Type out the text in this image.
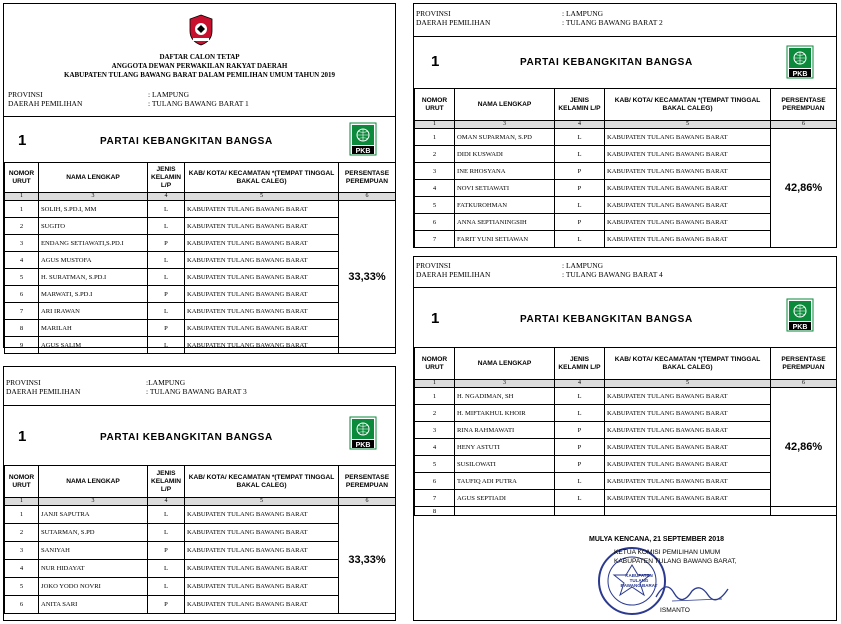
DAFTAR CALON TETAP
ANGGOTA DEWAN PERWAKILAN RAKYAT DAERAH
KABUPATEN TULANG BAWANG BARAT DALAM PEMILIHAN UMUM TAHUN 2019
PROVINSI	: LAMPUNG
DAERAH PEMILIHAN	: TULANG BAWANG BARAT 1
1	PARTAI KEBANGKITAN BANGSA
PKB
NOMOR URUT	NAMA LENGKAP	JENIS KELAMIN L/P	KAB/ KOTA/ KECAMATAN *(TEMPAT TINGGAL BAKAL CALEG)	PERSENTASE PEREMPUAN
1	3	4	5	6
1	SOLIH, S.PD.I, MM	L	KABUPATEN TULANG BAWANG BARAT	33,33%
2	SUGITO	L	KABUPATEN TULANG BAWANG BARAT	
3	ENDANG SETIAWATI,S.PD.I	P	KABUPATEN TULANG BAWANG BARAT	
4	AGUS MUSTOFA	L	KABUPATEN TULANG BAWANG BARAT	
5	H. SURATMAN, S.PD.I	L	KABUPATEN TULANG BAWANG BARAT	
6	MARWATI, S.PD.I	P	KABUPATEN TULANG BAWANG BARAT	
7	ARI IRAWAN	L	KABUPATEN TULANG BAWANG BARAT	
8	MARILAH	P	KABUPATEN TULANG BAWANG BARAT	
9	AGUS SALIM	L	KABUPATEN TULANG BAWANG BARAT	
PROVINSI	: LAMPUNG
DAERAH PEMILIHAN	: TULANG BAWANG BARAT 2
1	PARTAI KEBANGKITAN BANGSA
PKB
NOMOR URUT	NAMA LENGKAP	JENIS KELAMIN L/P	KAB/ KOTA/ KECAMATAN *(TEMPAT TINGGAL BAKAL CALEG)	PERSENTASE PEREMPUAN
1	3	4	5	6
1	OMAN SUPARMAN, S.PD	L	KABUPATEN TULANG BAWANG BARAT	42,86%
2	DIDI KUSWADI	L	KABUPATEN TULANG BAWANG BARAT	
3	INE RHOSYANA	P	KABUPATEN TULANG BAWANG BARAT	
4	NOVI SETIAWATI	P	KABUPATEN TULANG BAWANG BARAT	
5	FATKUROHMAN	L	KABUPATEN TULANG BAWANG BARAT	
6	ANNA SEPTIANINGSIH	P	KABUPATEN TULANG BAWANG BARAT	
7	FARIT YUNI SETIAWAN	L	KABUPATEN TULANG BAWANG BARAT	
PROVINSI	:LAMPUNG
DAERAH PEMILIHAN	: TULANG BAWANG BARAT 3
1	PARTAI KEBANGKITAN BANGSA
PKB
NOMOR URUT	NAMA LENGKAP	JENIS KELAMIN L/P	KAB/ KOTA/ KECAMATAN *(TEMPAT TINGGAL BAKAL CALEG)	PERSENTASE PEREMPUAN
1	3	4	5	6
1	JANJI SAPUTRA	L	KABUPATEN TULANG BAWANG BARAT	33,33%
2	SUTARMAN, S.PD	L	KABUPATEN TULANG BAWANG BARAT	
3	SANIYAH	P	KABUPATEN TULANG BAWANG BARAT	
4	NUR HIDAYAT	L	KABUPATEN TULANG BAWANG BARAT	
5	JOKO YODO NOVRI	L	KABUPATEN TULANG BAWANG BARAT	
6	ANITA SARI	P	KABUPATEN TULANG BAWANG BARAT	
PROVINSI	: LAMPUNG
DAERAH PEMILIHAN	: TULANG BAWANG BARAT 4
1	PARTAI KEBANGKITAN BANGSA
PKB
NOMOR URUT	NAMA LENGKAP	JENIS KELAMIN L/P	KAB/ KOTA/ KECAMATAN *(TEMPAT TINGGAL BAKAL CALEG)	PERSENTASE PEREMPUAN
1	3	4	5	6
1	H. NGADIMAN, SH	L	KABUPATEN TULANG BAWANG BARAT	42,86%
2	H. MIFTAKHUL KHOIR	L	KABUPATEN TULANG BAWANG BARAT	
3	RINA RAHMAWATI	P	KABUPATEN TULANG BAWANG BARAT	
4	HENY ASTUTI	P	KABUPATEN TULANG BAWANG BARAT	
5	SUSILOWATI	P	KABUPATEN TULANG BAWANG BARAT	
6	TAUFIQ ADI PUTRA	L	KABUPATEN TULANG BAWANG BARAT	
7	AGUS SEPTIADI	L	KABUPATEN TULANG BAWANG BARAT	
8				
MULYA KENCANA, 21 SEPTEMBER 2018
KABUPATEN TULANG BAWANG BARAT
KETUA KOMISI PEMILIHAN UMUM
KABUPATEN TULANG BAWANG BARAT,
ISMANTO
